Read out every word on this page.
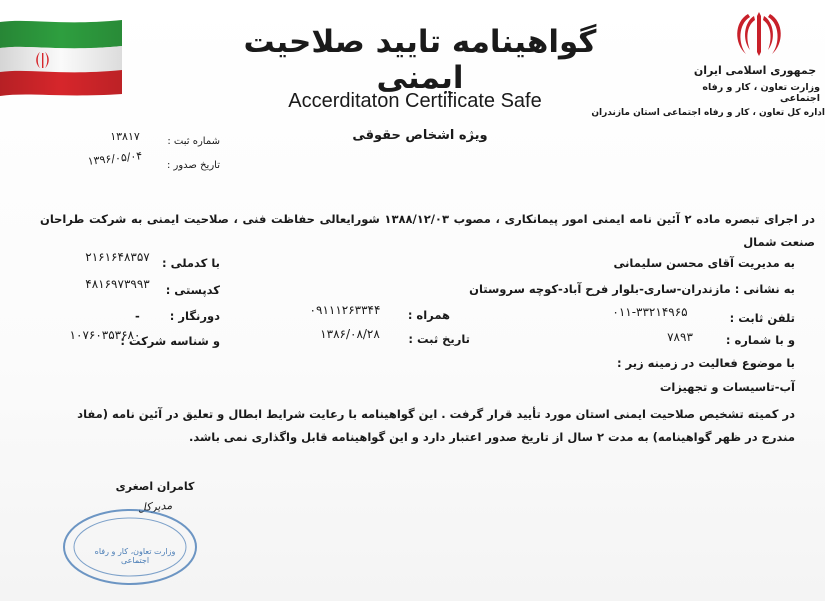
جمهوری اسلامی ایران
وزارت تعاون ، کار و رفاه اجتماعی
اداره کل تعاون ، کار و رفاه اجتماعی استان مازندران
گواهینامه تایید صلاحیت ایمنی
Accerditaton Certificate Safe
ویژه اشخاص حقوقی
شماره ثبت :
۱۳۸۱۷
تاریخ صدور :
۱۳۹۶/۰۵/۰۴
در اجرای تبصره ماده ۲ آئین نامه ایمنی امور پیمانکاری ، مصوب ۱۳۸۸/۱۲/۰۳ شورایعالی حفاظت فنی ، صلاحیت ایمنی به شرکت طراحان صنعت شمال
به مدیریت آقای محسن سلیمانی
با کدملی :
۲۱۶۱۶۴۸۳۵۷
به نشانی : مازندران-ساری-بلوار فرح آباد-کوچه سروستان
کدپستی :
۴۸۱۶۹۷۳۹۹۳
تلفن ثابت :
۰۱۱-۳۳۲۱۴۹۶۵
همراه :
۰۹۱۱۱۲۶۳۳۴۴
دورنگار :
-
و با شماره :
۷۸۹۳
تاریخ ثبت :
۱۳۸۶/۰۸/۲۸
و شناسه شرکت :
۱۰۷۶۰۳۵۳۶۸۰
با موضوع فعالیت در زمینه زیر :
آب-تاسیسات و تجهیزات
در کمیته تشخیص صلاحیت ایمنی استان مورد تأیید قرار گرفت . این گواهینامه با رعایت شرایط ابطال و تعلیق در آئین نامه (مفاد مندرج در ظهر گواهینامه) به مدت ۲ سال از تاریخ صدور اعتبار دارد و این گواهینامه قابل واگذاری نمی باشد.
کامران اصغری
مدیرکل
وزارت تعاون، کار و رفاه اجتماعی
